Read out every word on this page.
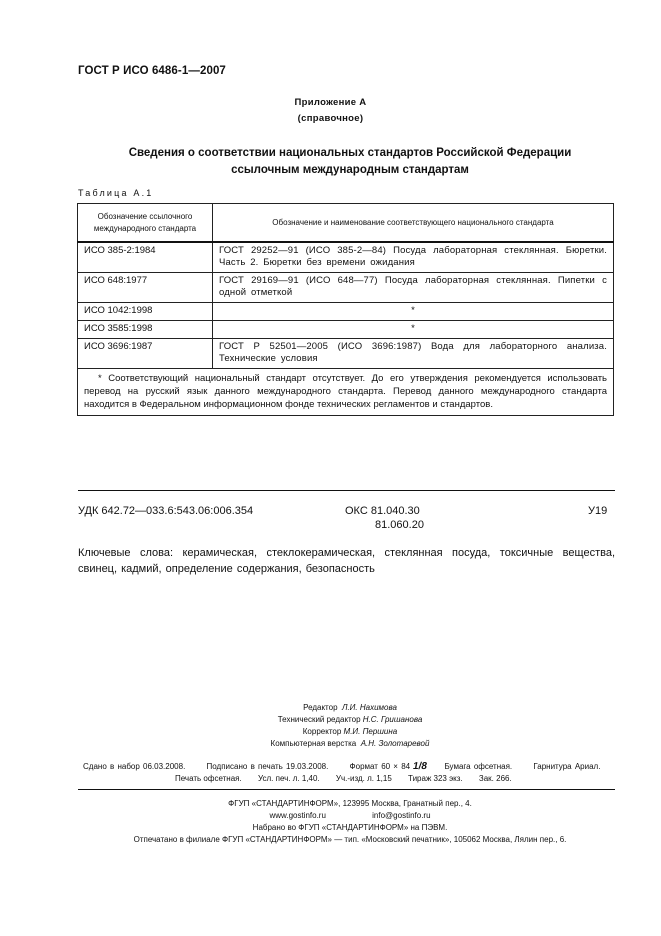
ГОСТ Р ИСО 6486-1—2007
Приложение А
(справочное)
Сведения о соответствии национальных стандартов Российской Федерации
ссылочным международным стандартам
Таблица А.1
Обозначение ссылочного международного стандарта	Обозначение и наименование соответствующего национального стандарта
ИСО 385-2:1984	ГОСТ 29252—91 (ИСО 385-2—84) Посуда лабораторная стеклянная. Бюретки. Часть 2. Бюретки без времени ожидания
ИСО 648:1977	ГОСТ 29169—91 (ИСО 648—77) Посуда лабораторная стеклянная. Пипетки с одной отметкой
ИСО 1042:1998	*
ИСО 3585:1998	*
ИСО 3696:1987	ГОСТ Р 52501—2005 (ИСО 3696:1987) Вода для лабораторного анализа. Технические условия
* Соответствующий национальный стандарт отсутствует. До его утверждения рекомендуется использовать перевод на русский язык данного международного стандарта. Перевод данного международного стандарта находится в Федеральном информационном фонде технических регламентов и стандартов.	
УДК 642.72—033.6:543.06:006.354	ОКС 81.040.30
81.060.20
У19
Ключевые слова: керамическая, стеклокерамическая, стеклянная посуда, токсичные вещества, свинец, кадмий, определение содержания, безопасность
Редактор Л.И. Нахимова
Технический редактор Н.С. Гришанова
Корректор М.И. Першина
Компьютерная верстка А.Н. Золотаревой
Сдано в набор 06.03.2008.	Подписано в печать 19.03.2008.	Формат 60 × 84 1/8 Бумага офсетная.	Гарнитура Ариал.
Печать офсетная. Усл. печ. л. 1,40. Уч.-изд. л. 1,15 Тираж 323 экз. Зак. 266.
ФГУП «СТАНДАРТИНФОРМ», 123995 Москва, Гранатный пер., 4.
www.gostinfo.ru	info@gostinfo.ru
Набрано во ФГУП «СТАНДАРТИНФОРМ» на ПЭВМ.
Отпечатано в филиале ФГУП «СТАНДАРТИНФОРМ» — тип. «Московский печатник», 105062 Москва, Лялин пер., 6.
